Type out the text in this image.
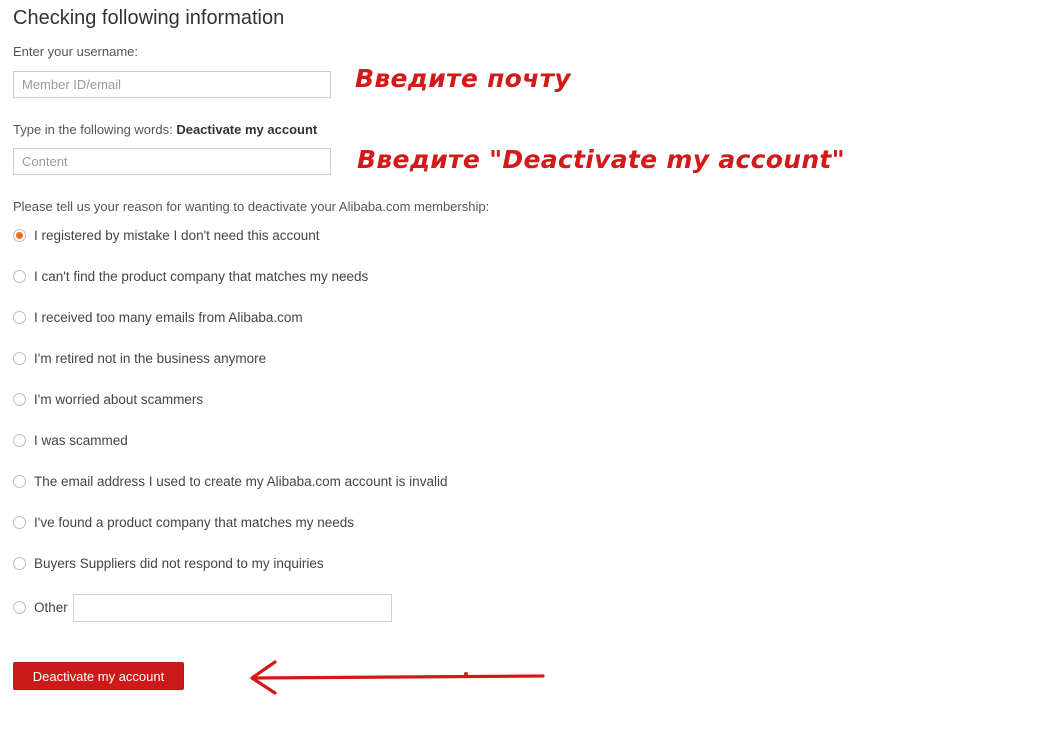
Checking following information
Enter your username:
Member ID/email
Введите почту
Type in the following words: Deactivate my account
Content
Введите "Deactivate my account"
Please tell us your reason for wanting to deactivate your Alibaba.com membership:
I registered by mistake I don't need this account
I can't find the product company that matches my needs
I received too many emails from Alibaba.com
I'm retired not in the business anymore
I'm worried about scammers
I was scammed
The email address I used to create my Alibaba.com account is invalid
I've found a product company that matches my needs
Buyers Suppliers did not respond to my inquiries
Other
Deactivate my account
